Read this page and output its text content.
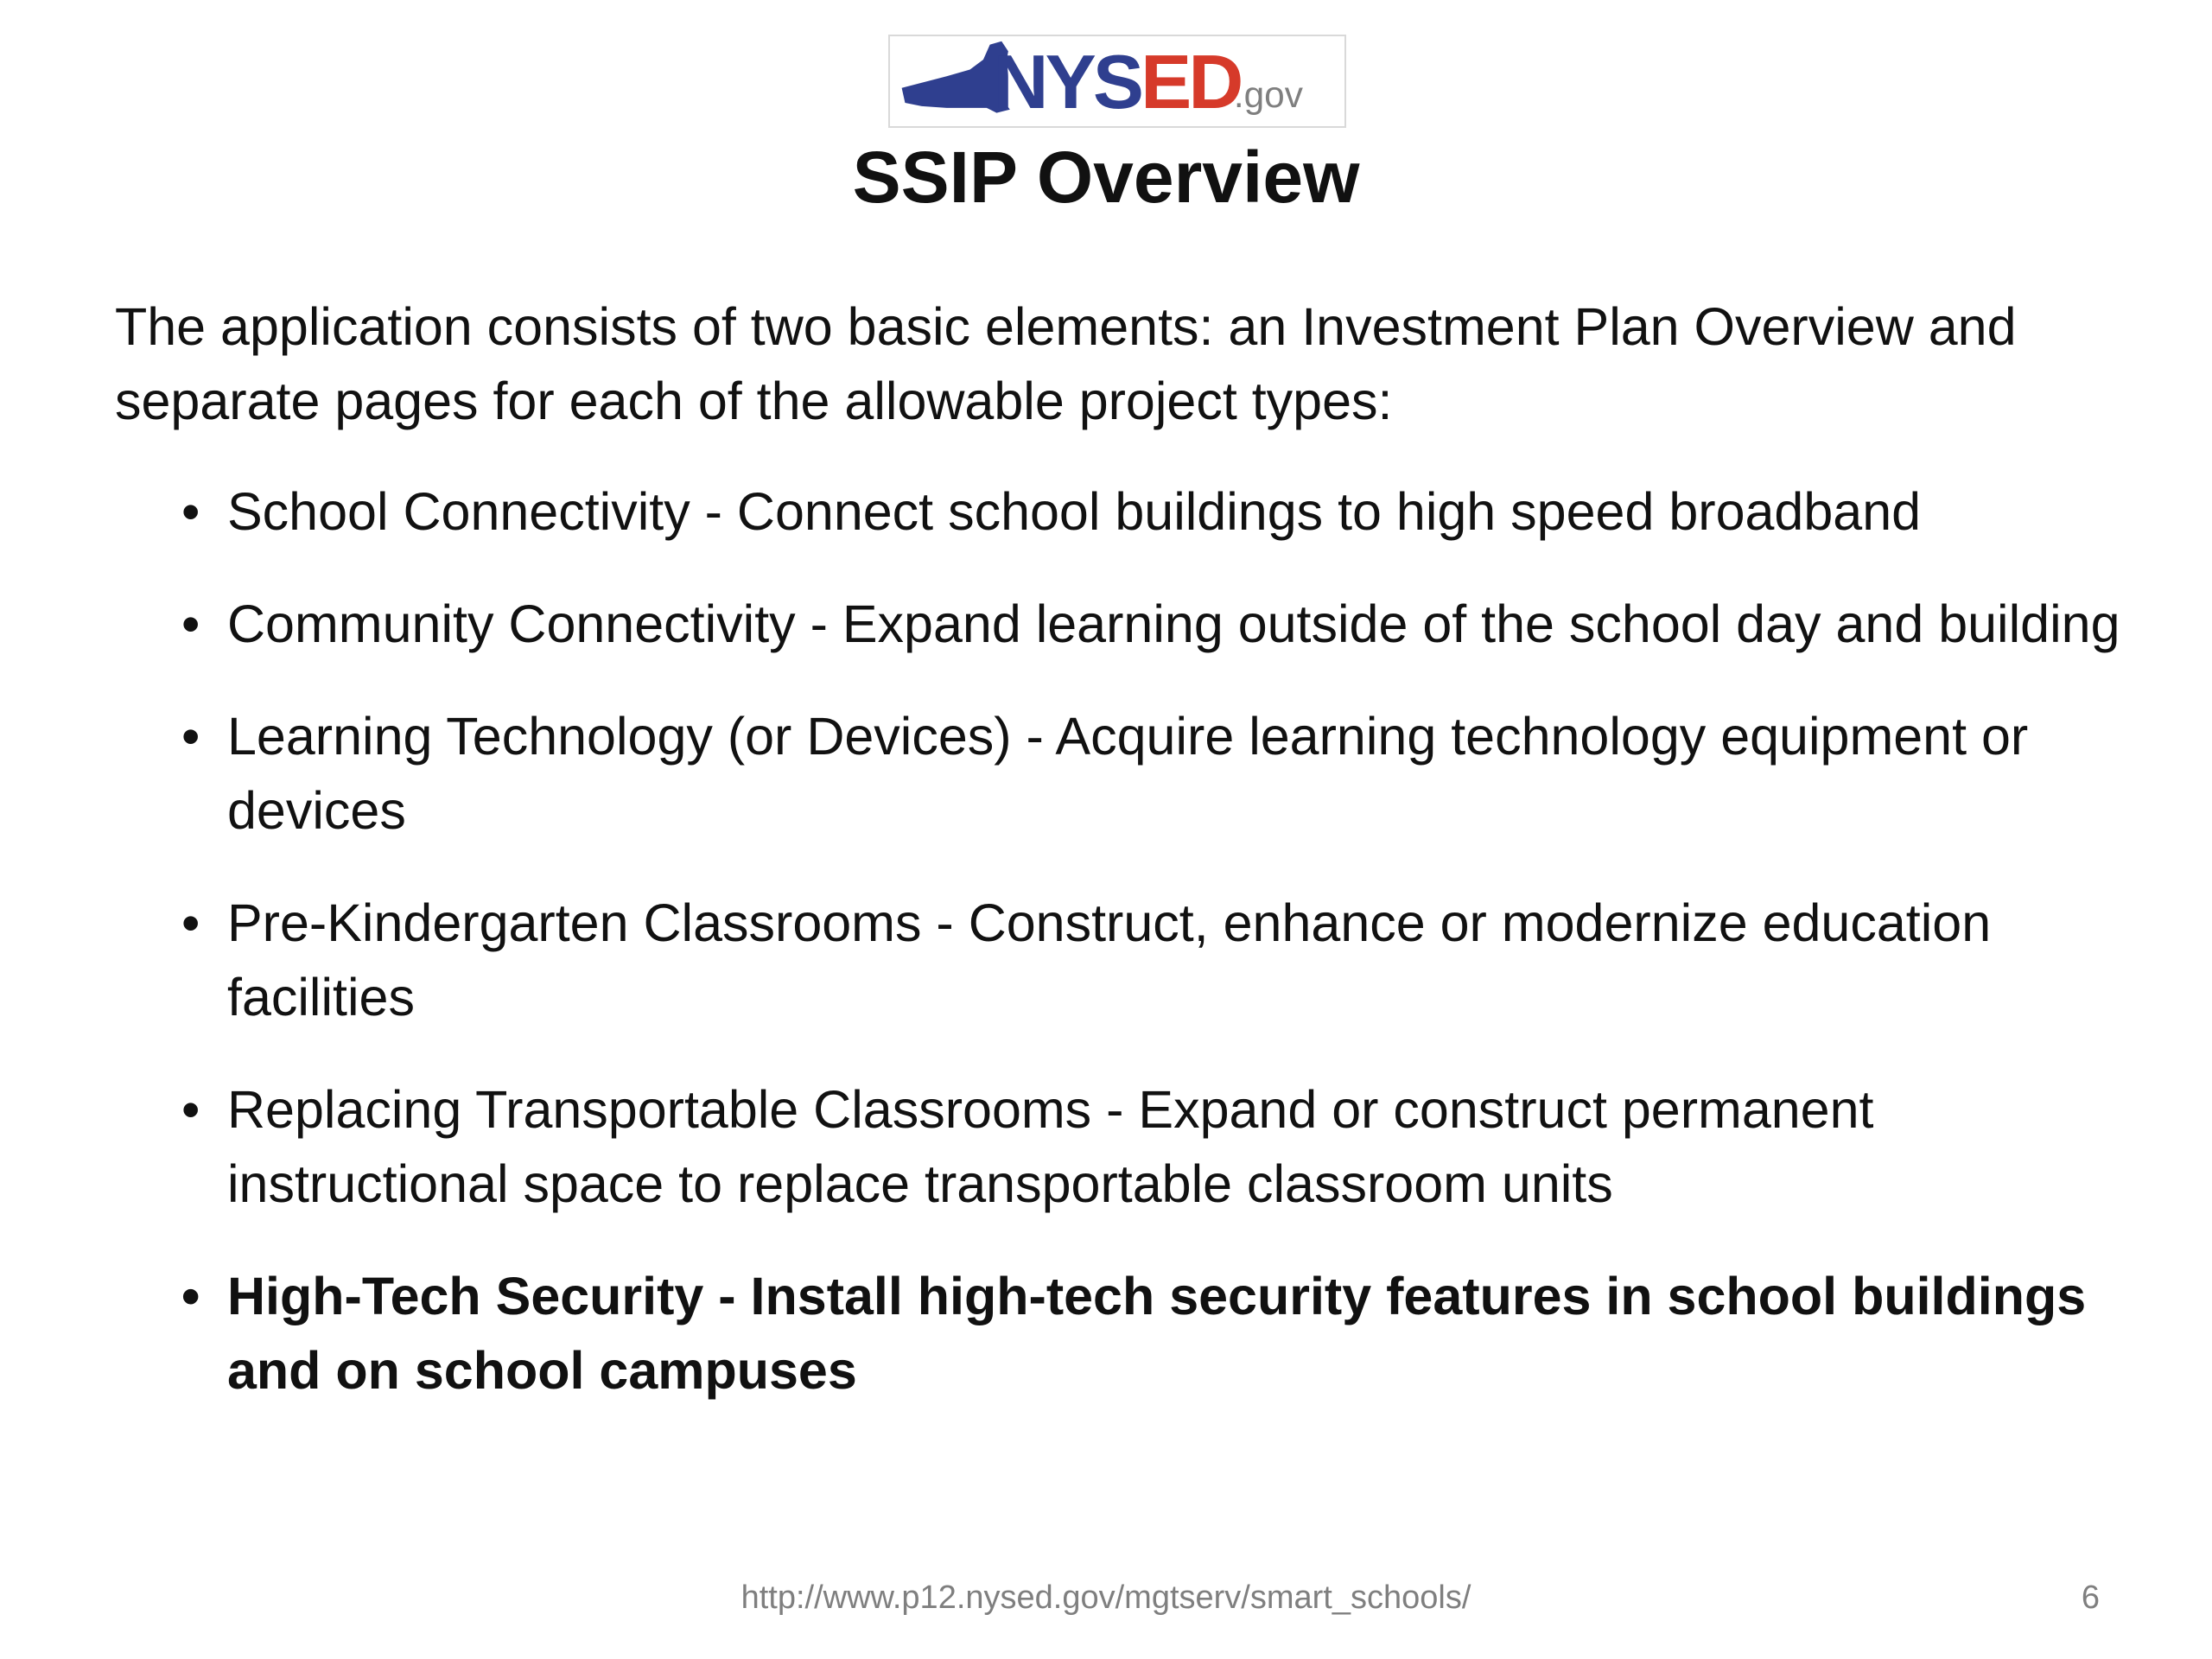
NYSED
.gov
SSIP Overview

The application consists of two basic elements: an Investment Plan Overview and separate pages for each of the allowable project types:

• School Connectivity - Connect school buildings to high speed broadband
• Community Connectivity - Expand learning outside of the school day and building
• Learning Technology (or Devices) - Acquire learning technology equipment or devices
• Pre-Kindergarten Classrooms - Construct, enhance or modernize education facilities
• Replacing Transportable Classrooms - Expand or construct permanent instructional space to replace transportable classroom units
• High-Tech Security - Install high-tech security features in school buildings and on school campuses
http://www.p12.nysed.gov/mgtserv/smart_schools/	6
